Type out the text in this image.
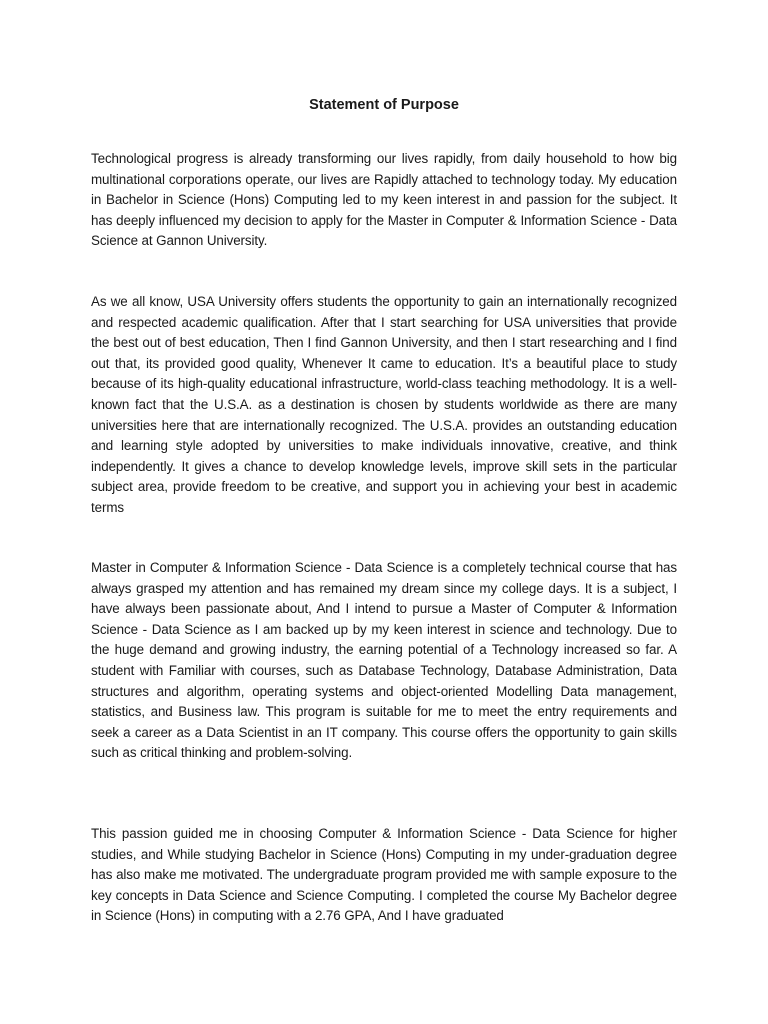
Statement of Purpose

Technological progress is already transforming our lives rapidly, from daily household to how big multinational corporations operate, our lives are Rapidly attached to technology today. My education in Bachelor in Science (Hons) Computing led to my keen interest in and passion for the subject. It has deeply influenced my decision to apply for the Master in Computer & Information Science - Data Science at Gannon University.

As we all know, USA University offers students the opportunity to gain an internationally recognized and respected academic qualification. After that I start searching for USA universities that provide the best out of best education, Then I find Gannon University, and then I start researching and I find out that, its provided good quality, Whenever It came to education. It’s a beautiful place to study because of its high-quality educational infrastructure, world-class teaching methodology. It is a well-known fact that the U.S.A. as a destination is chosen by students worldwide as there are many universities here that are internationally recognized. The U.S.A. provides an outstanding education and learning style adopted by universities to make individuals innovative, creative, and think independently. It gives a chance to develop knowledge levels, improve skill sets in the particular subject area, provide freedom to be creative, and support you in achieving your best in academic terms

Master in Computer & Information Science - Data Science is a completely technical course that has always grasped my attention and has remained my dream since my college days. It is a subject, I have always been passionate about, And I intend to pursue a Master of Computer & Information Science - Data Science as I am backed up by my keen interest in science and technology. Due to the huge demand and growing industry, the earning potential of a Technology increased so far. A student with Familiar with courses, such as Database Technology, Database Administration, Data structures and algorithm, operating systems and object-oriented Modelling Data management, statistics, and Business law. This program is suitable for me to meet the entry requirements and seek a career as a Data Scientist in an IT company. This course offers the opportunity to gain skills such as critical thinking and problem-solving.

This passion guided me in choosing Computer & Information Science - Data Science for higher studies, and While studying Bachelor in Science (Hons) Computing in my under-graduation degree has also make me motivated. The undergraduate program provided me with sample exposure to the key concepts in Data Science and Science Computing. I completed the course My Bachelor degree in Science (Hons) in computing with a 2.76 GPA, And I have graduated
